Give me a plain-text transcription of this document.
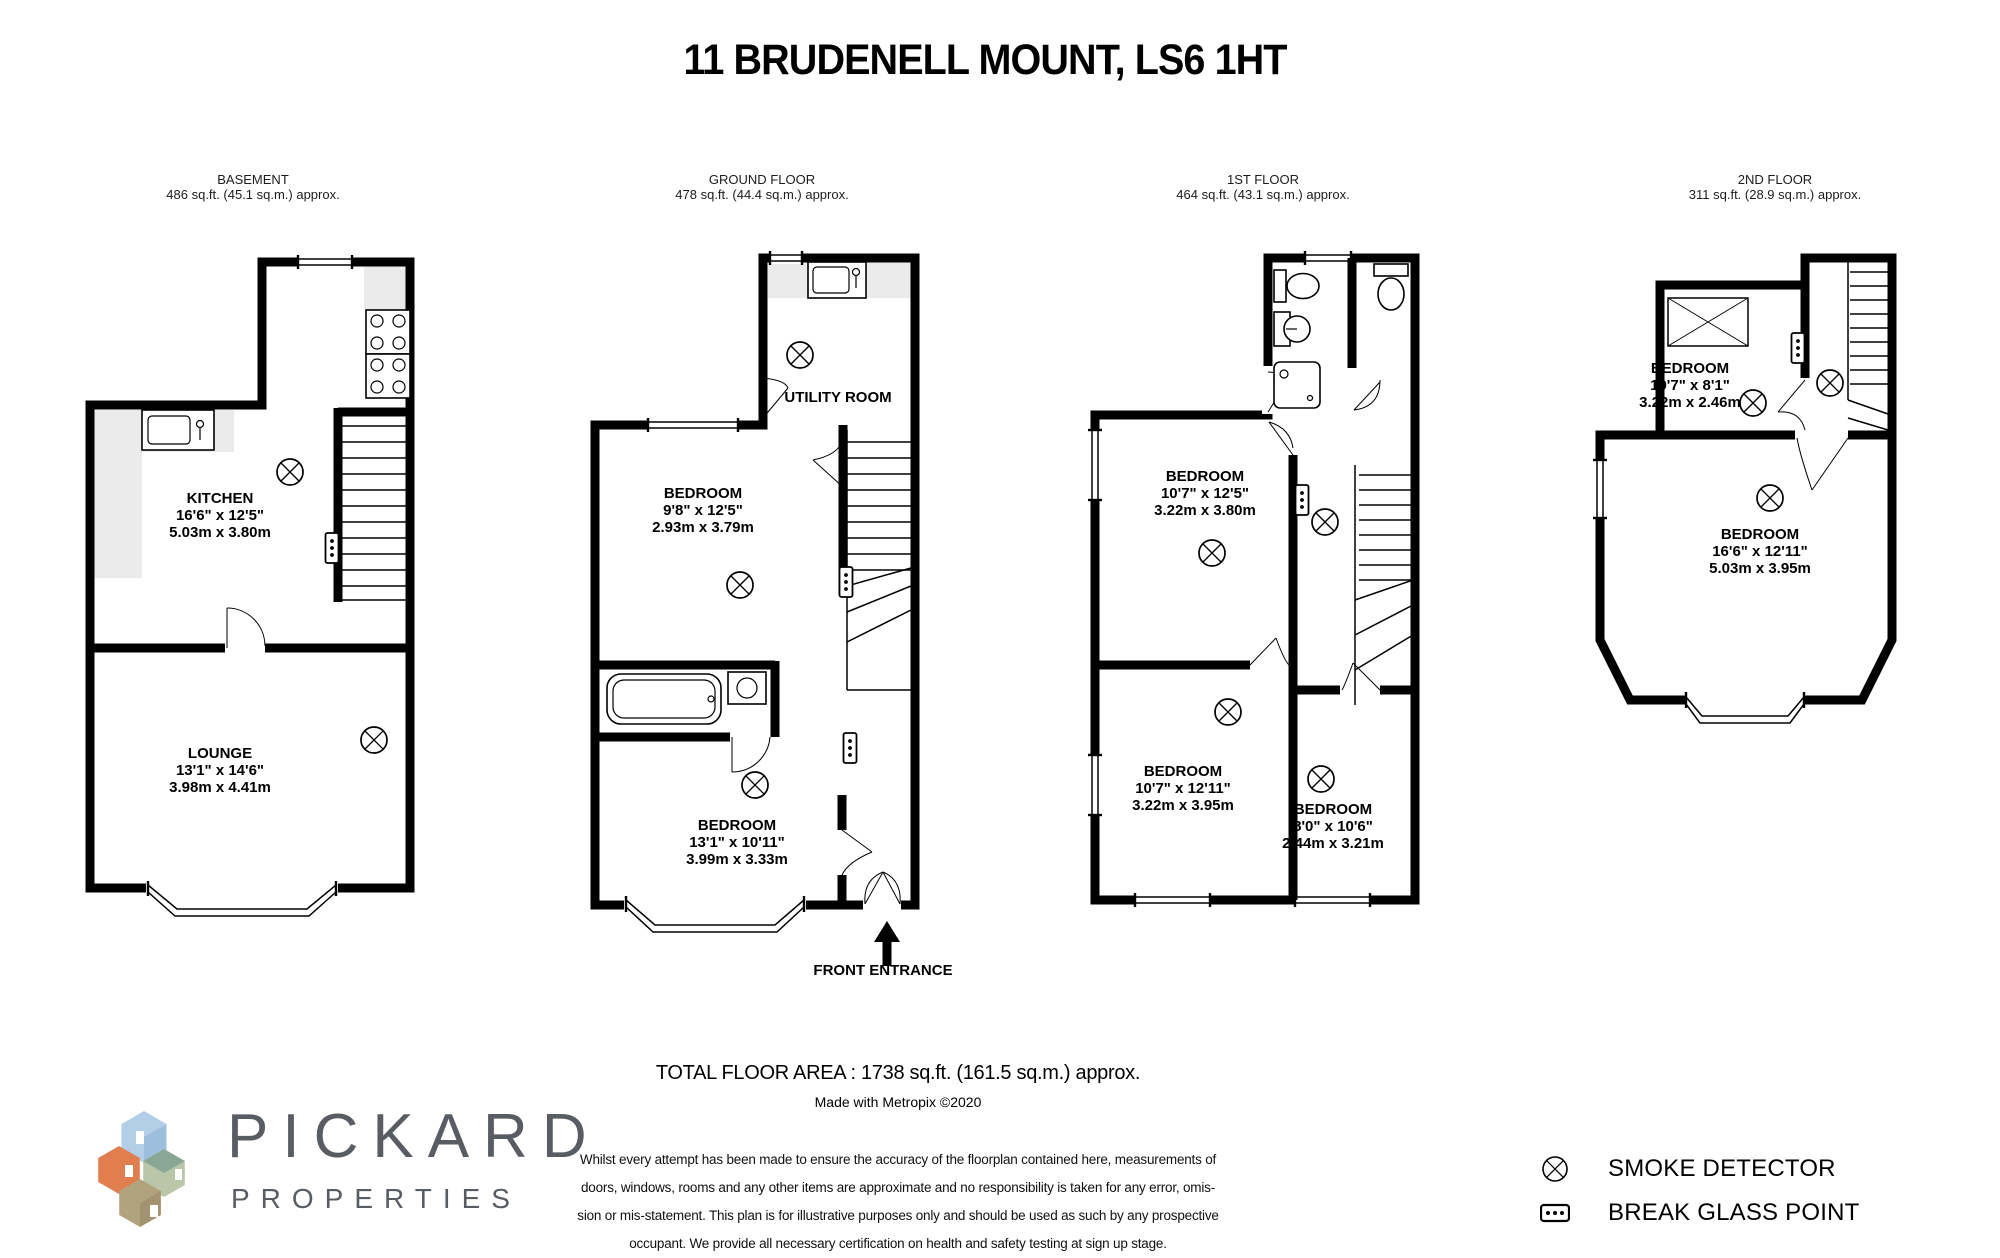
11 BRUDENELL MOUNT, LS6 1HT
BASEMENT
486 sq.ft. (45.1 sq.m.) approx.
GROUND FLOOR
478 sq.ft. (44.4 sq.m.) approx.
1ST FLOOR
464 sq.ft. (43.1 sq.m.) approx.
2ND FLOOR
311 sq.ft. (28.9 sq.m.) approx.
KITCHEN
16'6" x 12'5"
5.03m x 3.80m
LOUNGE
13'1" x 14'6"
3.98m x 4.41m
UTILITY ROOM
BEDROOM
9'8" x 12'5"
2.93m x 3.79m
BEDROOM
13'1" x 10'11"
3.99m x 3.33m
FRONT ENTRANCE
BEDROOM
10'7" x 12'5"
3.22m x 3.80m
BEDROOM
10'7" x 12'11"
3.22m x 3.95m	BEDROOM
8'0" x 10'6"
2.44m x 3.21m
BEDROOM
10'7" x 8'1"
3.22m x 2.46m
BEDROOM
16'6" x 12'11"
5.03m x 3.95m
TOTAL FLOOR AREA : 1738 sq.ft. (161.5 sq.m.) approx.
Made with Metropix ©2020
Whilst every attempt has been made to ensure the accuracy of the floorplan contained here, measurements of
doors, windows, rooms and any other items are approximate and no responsibility is taken for any error, omis-
sion or mis-statement. This plan is for illustrative purposes only and should be used as such by any prospective
occupant. We provide all necessary certification on health and safety testing at sign up stage.
PICKARD
PROPERTIES
SMOKE DETECTOR
BREAK GLASS POINT
